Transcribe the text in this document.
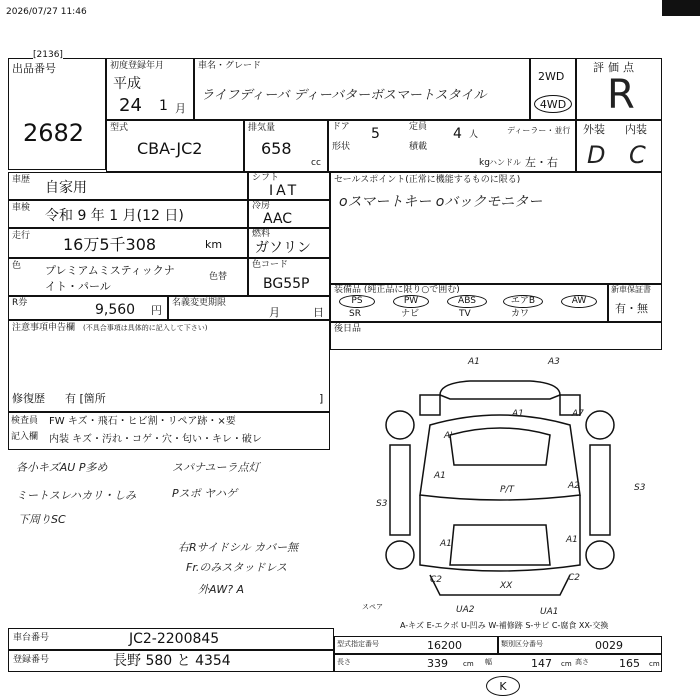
2026/07/27 11:46
[2136]
出品番号
2682
初度登録年月
平成
24 1 月
車名・グレード
ライフディーバ ディーバターボスマートスタイル
2WD
4WD
評価点
R
型式
CBA-JC2
排気量
658
cc
ドア 5	定員 4 人	ディーラー・並行
形状	積載
kg ハンドル 左・右
外装 内装
D C
車歴 自家用
シフト
IAT
車検 令和 9 年 1 月(12 日)
冷房
AAC
走行 16万5千308	km
燃料
ガソリン
色 プレミアムミスティックナ
イト・パール
色替
色コード
BG55P
R券	9,560 円
名義変更期限
月	日
注意事項申告欄 (不具合事項は具体的に記入して下さい)
修復歴 有 [箇所	]
検査員
記入欄
FW キズ・飛石・ヒビ割・リペア跡・×要
内装 キズ・汚れ・コゲ・穴・匂い・キレ・破レ
各小キズAU P多め
ミートスレハカリ・しみ
下周りSC
スパナユーラ点灯
Pスポ ヤハゲ
右Rサイドシル カバー無
Fr.のみスタッドレス
外AW? A
セールスポイント(正常に機能するものに限る)
oスマートキー oバックモニター
装備品 (純正品に限り○で囲む)
PS	PW	ABS	エアB	AW
SR	ナビ	TV	カワ
新車保証書
有・無
後日品
A1	A3
A1	A7
A'
A1
P/T	A2
A1
S3
S3
A1
C2	C2
XX
UA2	UA1
スペア
A-キズ E-エクボ U-凹み W-補修跡 S-サビ C-腐食 XX-交換
車台番号	JC2-2200845
登録番号	長野 580 と 4354
型式指定番号	16200	類別区分番号	0029
長さ	339 cm 幅	147 cm 高さ	165 cm
K
